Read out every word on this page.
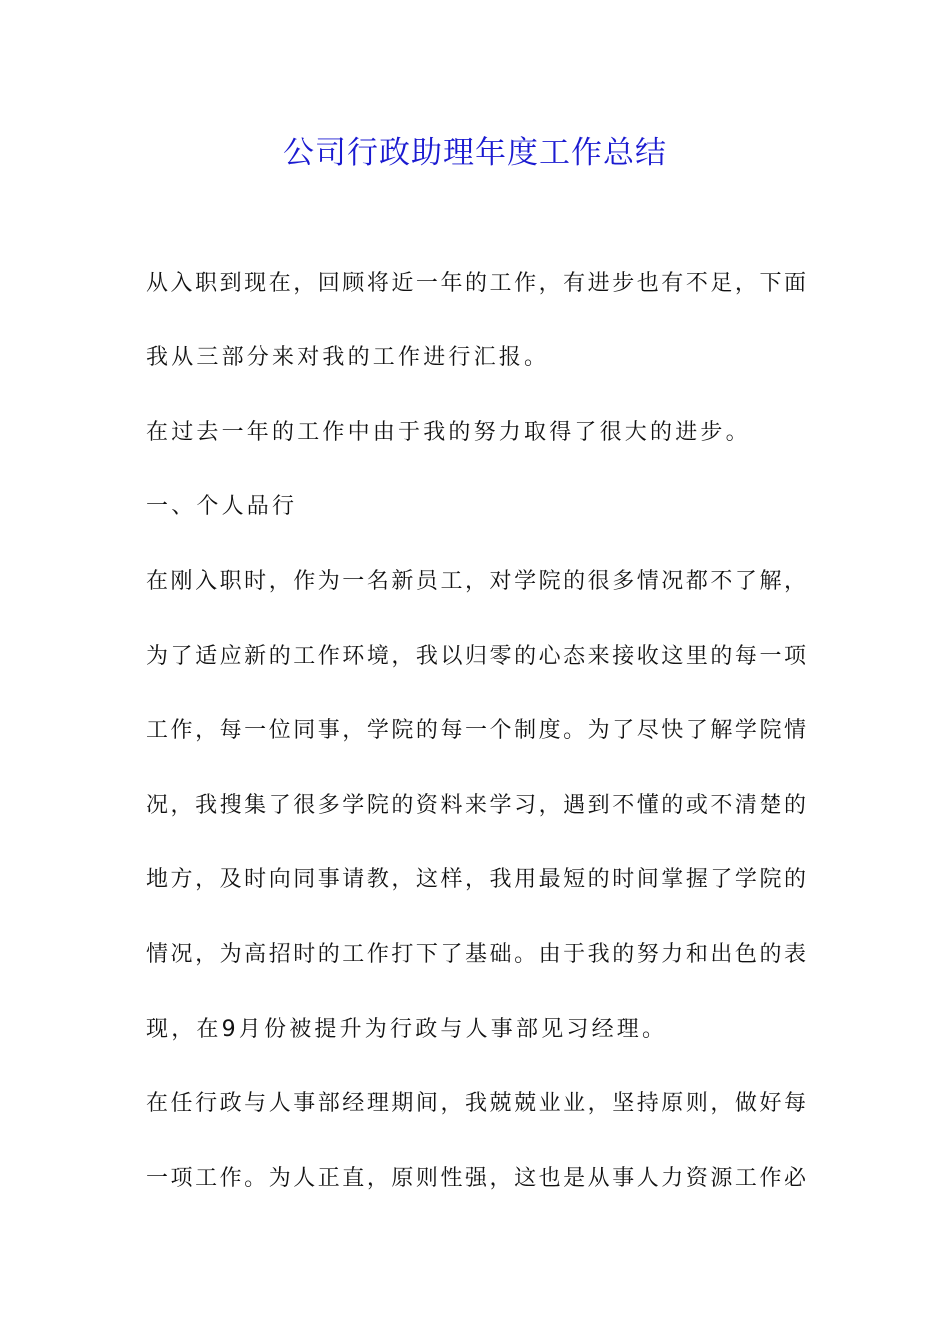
公司行政助理年度工作总结

从入职到现在，回顾将近一年的工作，有进步也有不足，下面

我从三部分来对我的工作进行汇报。

在过去一年的工作中由于我的努力取得了很大的进步。

一、个人品行

在刚入职时，作为一名新员工，对学院的很多情况都不了解，

为了适应新的工作环境，我以归零的心态来接收这里的每一项

工作，每一位同事，学院的每一个制度。为了尽快了解学院情

况，我搜集了很多学院的资料来学习，遇到不懂的或不清楚的

地方，及时向同事请教，这样，我用最短的时间掌握了学院的

情况，为高招时的工作打下了基础。由于我的努力和出色的表

现，在9月份被提升为行政与人事部见习经理。

在任行政与人事部经理期间，我兢兢业业，坚持原则，做好每

一项工作。为人正直，原则性强，这也是从事人力资源工作必
